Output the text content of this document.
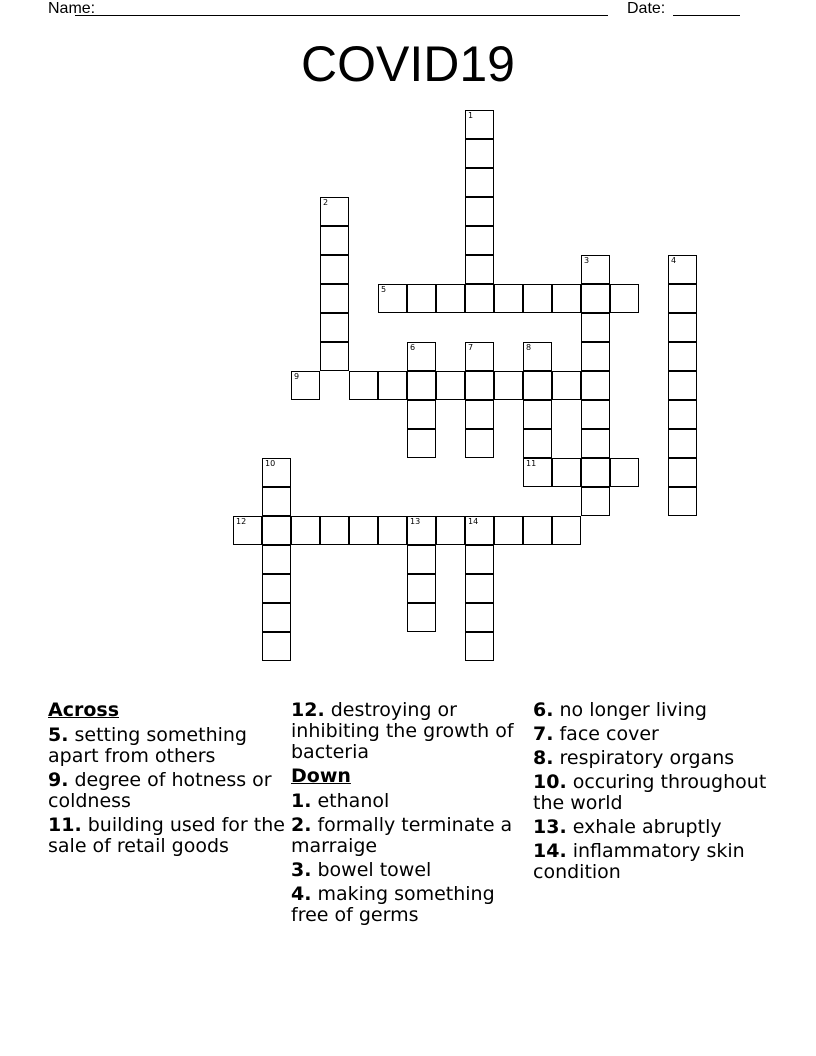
Name:	Date:
COVID19
1
2
3	4
5
6	7	8
11
9
10
12	13	14
Across
5. setting something apart from others
9. degree of hotness or coldness
11. building used for the sale of retail goods
12. destroying or inhibiting the growth of bacteria
Down
1. ethanol
2. formally terminate a marraige
3. bowel towel
4. making something free of germs
6. no longer living
7. face cover
8. respiratory organs
10. occuring throughout the world
13. exhale abruptly
14. inflammatory skin condition
